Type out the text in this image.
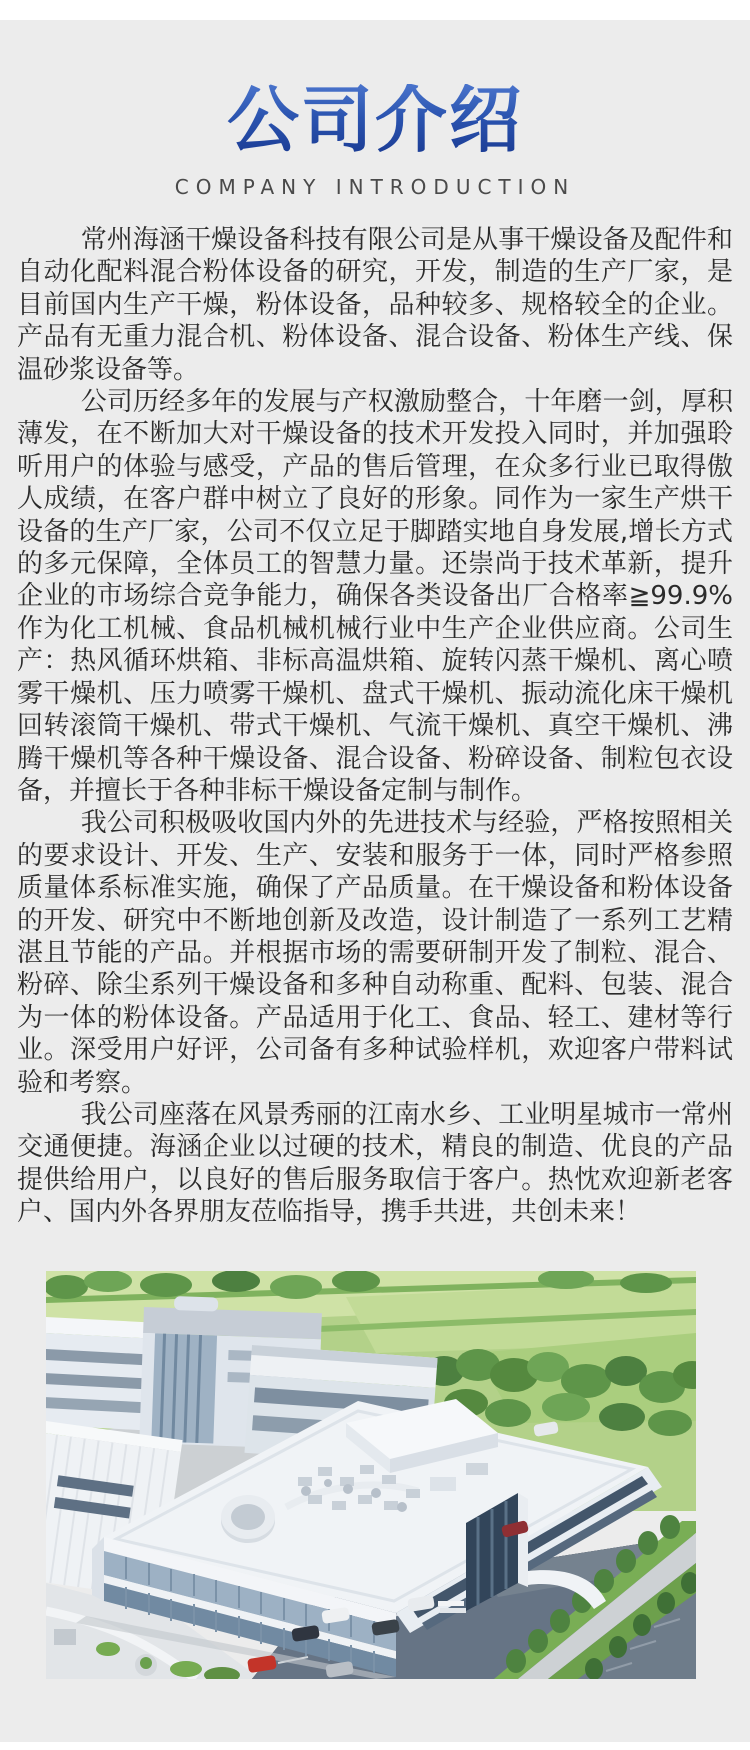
公司介绍
COMPANY INTRODUCTION

常州海涵干燥设备科技有限公司是从事干燥设备及配件和自动化配料混合粉体设备的研究，开发，制造的生产厂家，是目前国内生产干燥，粉体设备，品种较多、规格较全的企业。产品有无重力混合机、粉体设备、混合设备、粉体生产线、保温砂浆设备等。

公司历经多年的发展与产权激励整合，十年磨一剑，厚积薄发，在不断加大对干燥设备的技术开发投入同时，并加强聆听用户的体验与感受，产品的售后管理，在众多行业已取得傲人成绩，在客户群中树立了良好的形象。同作为一家生产烘干设备的生产厂家，公司不仅立足于脚踏实地自身发展,增长方式的多元保障，全体员工的智慧力量。还崇尚于技术革新，提升企业的市场综合竞争能力，确保各类设备出厂合格率≧99.9%作为化工机械、食品机械机械行业中生产企业供应商。公司生产：热风循环烘箱、非标高温烘箱、旋转闪蒸干燥机、离心喷雾干燥机、压力喷雾干燥机、盘式干燥机、振动流化床干燥机回转滚筒干燥机、带式干燥机、气流干燥机、真空干燥机、沸腾干燥机等各种干燥设备、混合设备、粉碎设备、制粒包衣设备，并擅长于各种非标干燥设备定制与制作。

我公司积极吸收国内外的先进技术与经验，严格按照相关的要求设计、开发、生产、安装和服务于一体，同时严格参照质量体系标准实施，确保了产品质量。在干燥设备和粉体设备的开发、研究中不断地创新及改造，设计制造了一系列工艺精湛且节能的产品。并根据市场的需要研制开发了制粒、混合、粉碎、除尘系列干燥设备和多种自动称重、配料、包装、混合为一体的粉体设备。产品适用于化工、食品、轻工、建材等行业。深受用户好评，公司备有多种试验样机，欢迎客户带料试验和考察。

我公司座落在风景秀丽的江南水乡、工业明星城市一常州交通便捷。海涵企业以过硬的技术，精良的制造、优良的产品提供给用户，以良好的售后服务取信于客户。热忱欢迎新老客户、国内外各界朋友莅临指导，携手共进，共创未来！
